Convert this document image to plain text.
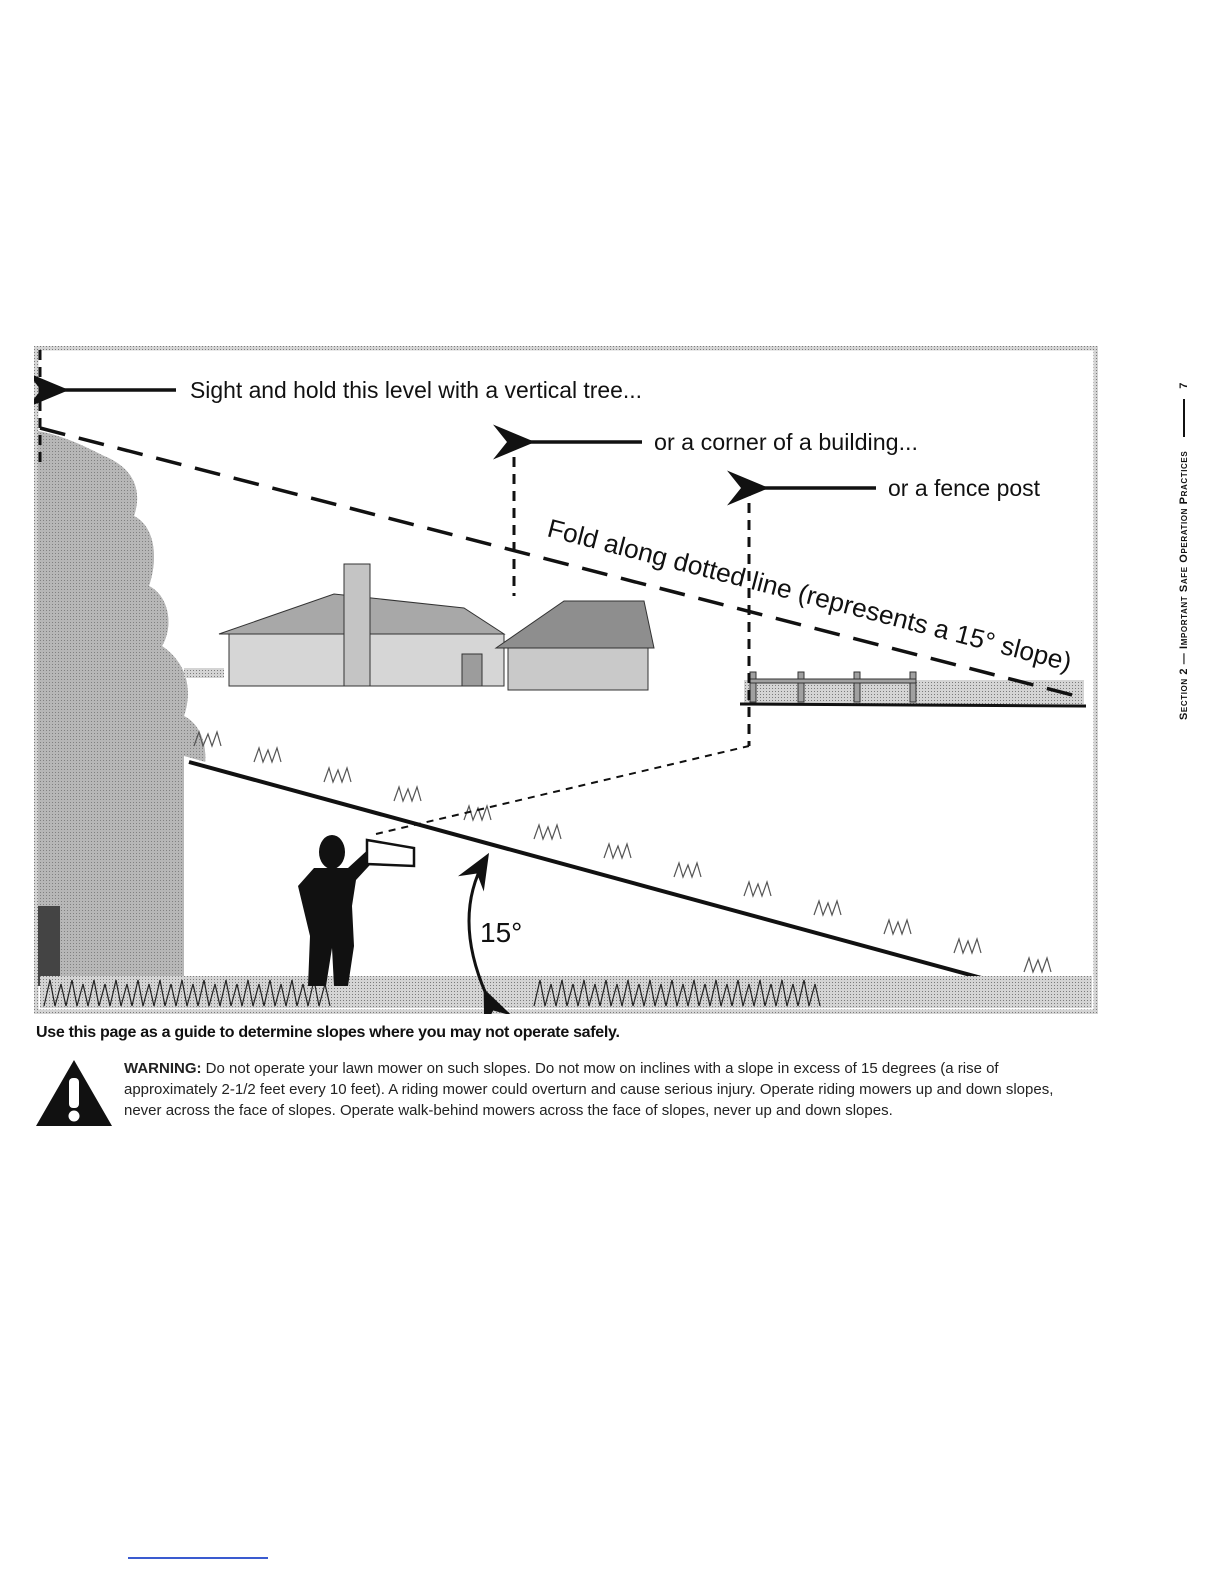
Sight and hold this level with a vertical tree...
or a corner of a building...
or a fence post
Fold along dotted line (represents a 15° slope)
15°
Section 2 — Important Safe Operation Practices
7
Use this page as a guide to determine slopes where you may not operate safely.
WARNING: Do not operate your lawn mower on such slopes. Do not mow on inclines with a slope in excess of 15 degrees (a rise of approximately 2-1/2 feet every 10 feet). A riding mower could overturn and cause serious injury. Operate riding mowers up and down slopes, never across the face of slopes. Operate walk-behind mowers across the face of slopes, never up and down slopes.
